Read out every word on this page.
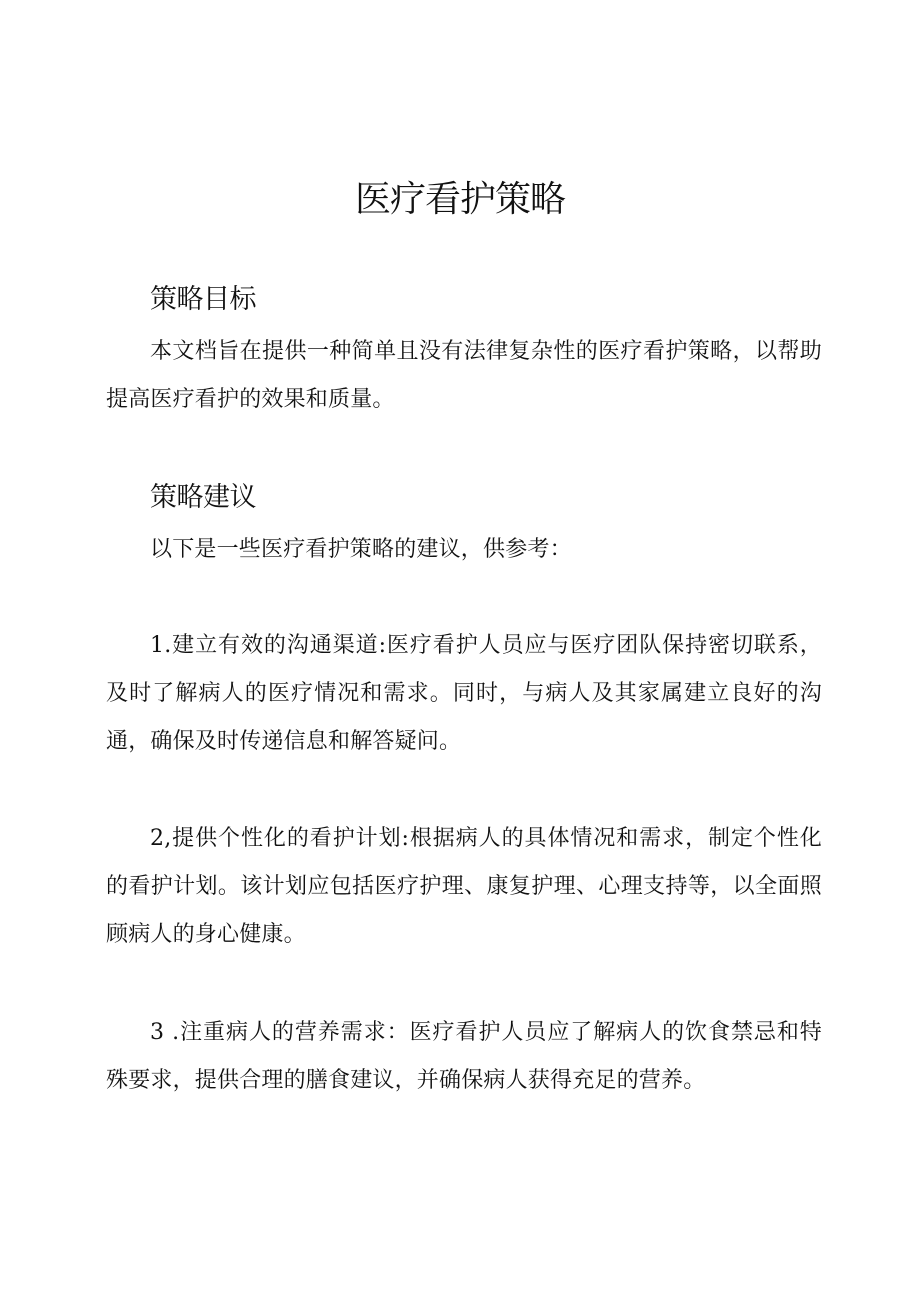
医疗看护策略
策略目标

本文档旨在提供一种简单且没有法律复杂性的医疗看护策略，以帮助提高医疗看护的效果和质量。

策略建议

以下是一些医疗看护策略的建议，供参考：

1.建立有效的沟通渠道:医疗看护人员应与医疗团队保持密切联系，及时了解病人的医疗情况和需求。同时，与病人及其家属建立良好的沟通，确保及时传递信息和解答疑问。

2,提供个性化的看护计划:根据病人的具体情况和需求，制定个性化的看护计划。该计划应包括医疗护理、康复护理、心理支持等，以全面照顾病人的身心健康。

3 .注重病人的营养需求：医疗看护人员应了解病人的饮食禁忌和特殊要求，提供合理的膳食建议，并确保病人获得充足的营养。
